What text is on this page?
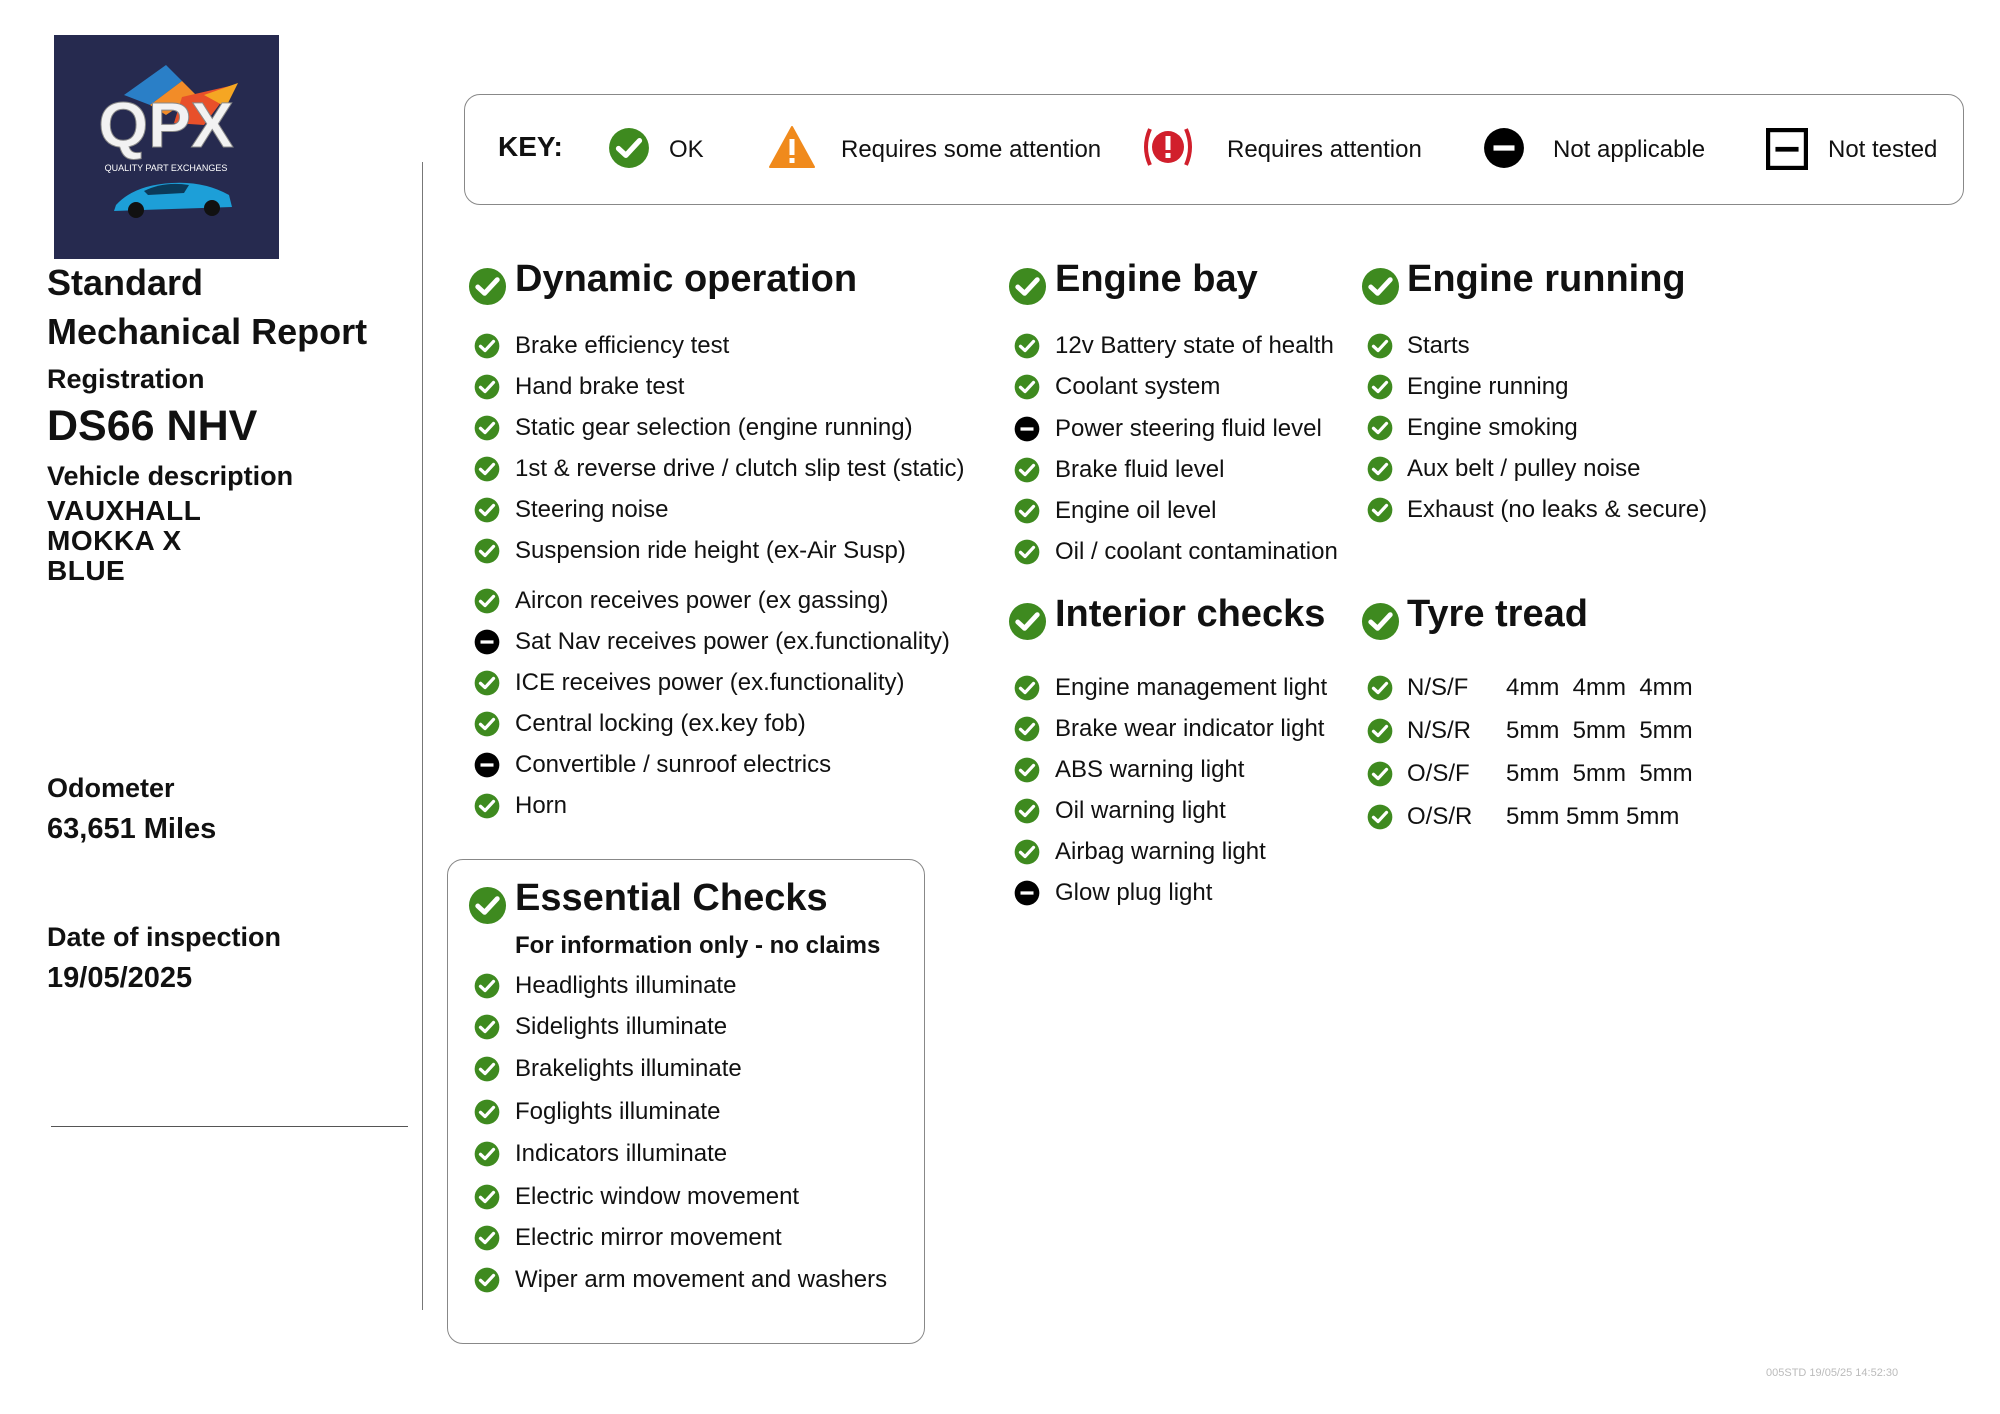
QPX
QUALITY PART EXCHANGES
Standard
Mechanical Report
Registration
DS66 NHV
Vehicle description
VAUXHALL
MOKKA X
BLUE
Odometer
63,651 Miles
Date of inspection
19/05/2025
KEY:	OK	Requires some attention	Requires attention	Not applicable	Not tested
For information only - no claims
Dynamic operation
Brake efficiency test
Hand brake test
Static gear selection (engine running)
1st & reverse drive / clutch slip test (static)
Steering noise
Suspension ride height (ex-Air Susp)
Aircon receives power (ex gassing)
Sat Nav receives power (ex.functionality)
ICE receives power (ex.functionality)
Central locking (ex.key fob)
Convertible / sunroof electrics
Horn
Engine bay
12v Battery state of health
Coolant system
Power steering fluid level
Brake fluid level
Engine oil level
Oil / coolant contamination
Engine running
Starts
Engine running
Engine smoking
Aux belt / pulley noise
Exhaust (no leaks & secure)
Interior checks
Engine management light
Brake wear indicator light
ABS warning light
Oil warning light
Airbag warning light
Glow plug light
Tyre tread
N/S/F 4mm  4mm  4mm
N/S/R 5mm  5mm  5mm
O/S/F 5mm  5mm  5mm
O/S/R 5mm 5mm 5mm
Essential Checks
Headlights illuminate
Sidelights illuminate
Brakelights illuminate
Foglights illuminate
Indicators illuminate
Electric window movement
Electric mirror movement
Wiper arm movement and washers
005STD 19/05/25 14:52:30
